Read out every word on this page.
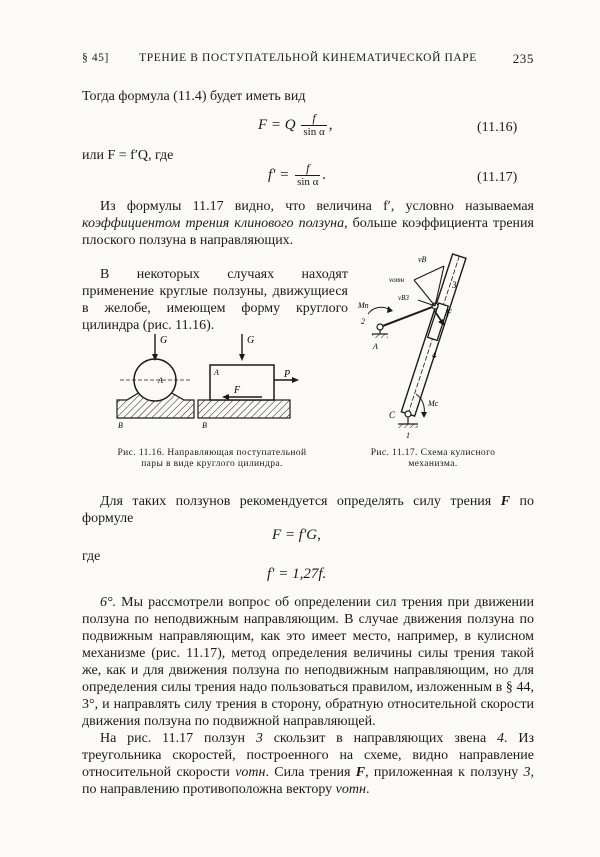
§ 45]	ТРЕНИЕ В ПОСТУПАТЕЛЬНОЙ КИНЕМАТИЧЕСКОЙ ПАРЕ	235
Тогда формула (11.4) будет иметь вид
F = Q $\frac{f}{\text{sin α}}$ ,	(11.16)
или F = f′Q, где
$f' = \frac{f}{\text{sin α}}$ .	(11.17)
Из формулы 11.17 видно, что величина f′, условно называемая коэффициентом трения клинового ползуна, больше коэффициента трения плоского ползуна в направляющих.
В некоторых случаях находят применение круглые ползуны, движущиеся в желобе, имеющем форму круглого цилиндра (рис. 11.16).
G
A
B
G
A	P
F
B
Рис. 11.16. Направляющая поступательной пары в виде круглого цилиндра.
vB
vотн
vB3
3
F
Mп
2
A
4
C
Mс
1
Рис. 11.17. Схема кулисного механизма.
Для таких ползунов рекомендуется определять силу трения F по формуле
F = f′G,
где
f′ = 1,27f.
6°. Мы рассмотрели вопрос об определении сил трения при движении ползуна по неподвижным направляющим. В случае движения ползуна по подвижным направляющим, как это имеет место, например, в кулисном механизме (рис. 11.17), метод определения величины силы трения такой же, как и для движения ползуна по неподвижным направляющим, но для определения силы трения надо пользоваться правилом, изложенным в § 44, 3°, и направлять силу трения в сторону, обратную относительной скорости движения ползуна по подвижной направляющей.
На рис. 11.17 ползун 3 скользит в направляющих звена 4. Из треугольника скоростей, построенного на схеме, видно направление относительной скорости vотн. Сила трения F, приложенная к ползуну 3, по направлению противоположна вектору vотн.
